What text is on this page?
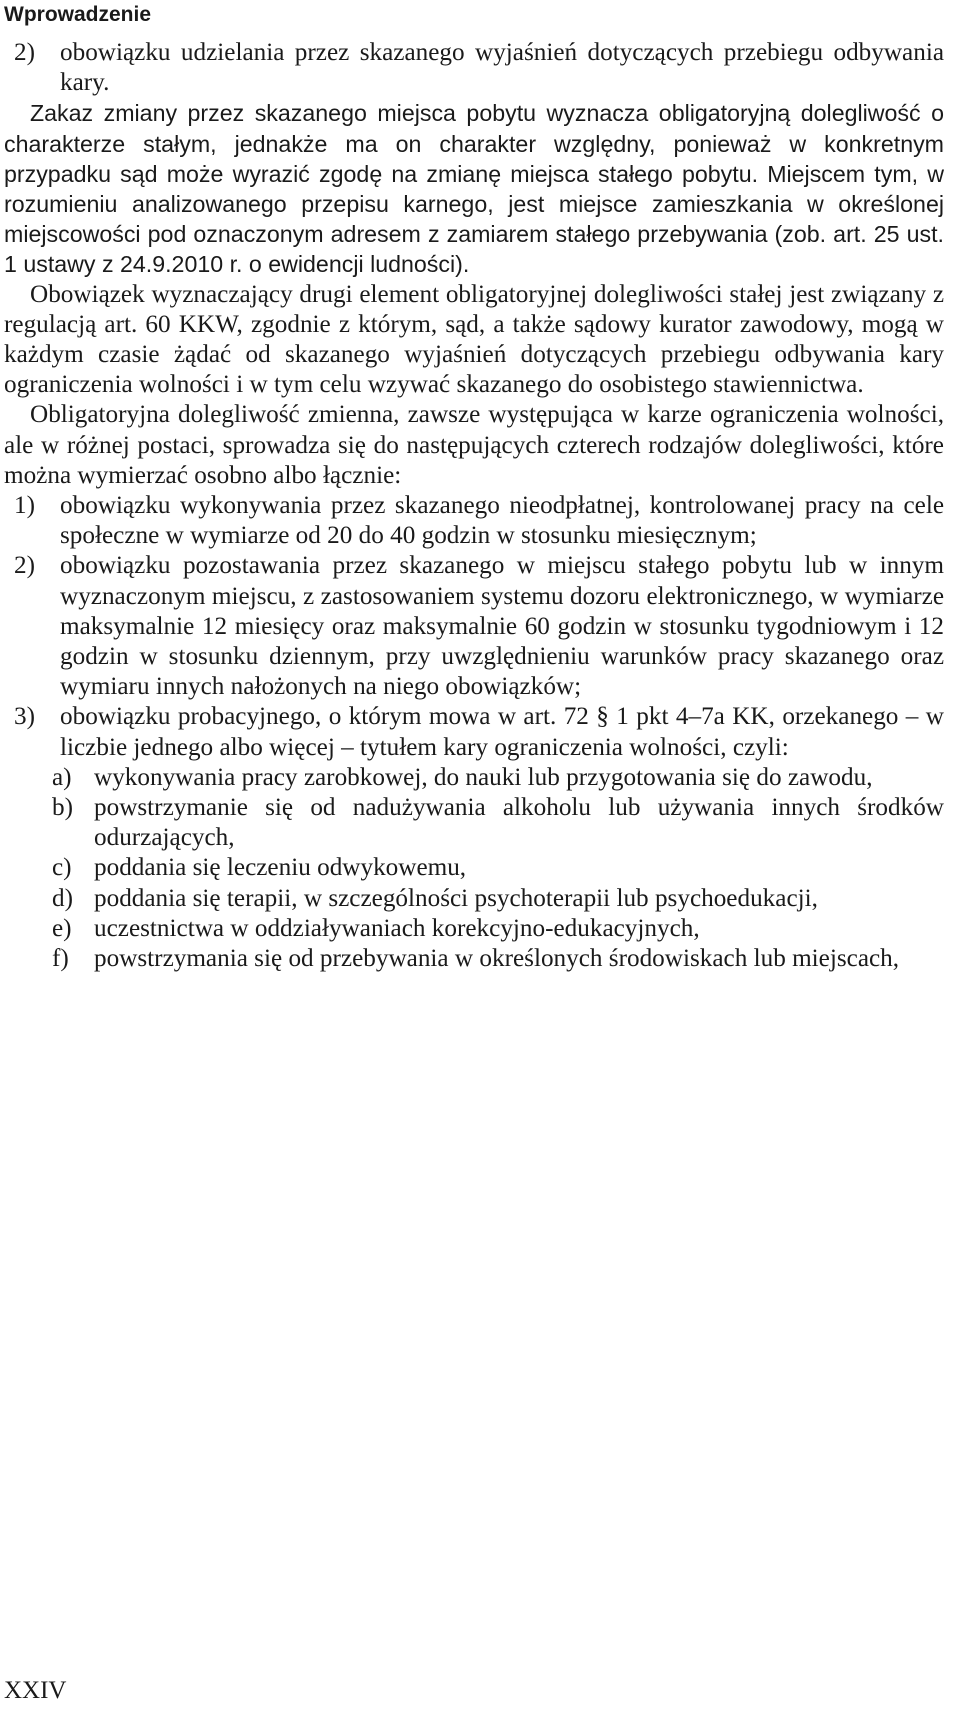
Wprowadzenie
2) obowiązku udzielania przez skazanego wyjaśnień dotyczących przebiegu odbywania kary.

Zakaz zmiany przez skazanego miejsca pobytu wyznacza obligatoryjną dolegliwość o charakterze stałym, jednakże ma on charakter względny, ponieważ w konkretnym przypadku sąd może wyrazić zgodę na zmianę miejsca stałego pobytu. Miejscem tym, w rozumieniu analizowanego przepisu karnego, jest miejsce zamieszkania w określonej miejscowości pod oznaczonym adresem z zamiarem stałego przebywania (zob. art. 25 ust. 1 ustawy z 24.9.2010 r. o ewidencji ludności).

Obowiązek wyznaczający drugi element obligatoryjnej dolegliwości stałej jest związany z regulacją art. 60 KKW, zgodnie z którym, sąd, a także sądowy kurator zawodowy, mogą w każdym czasie żądać od skazanego wyjaśnień dotyczących przebiegu odbywania kary ograniczenia wolności i w tym celu wzywać skazanego do osobistego stawiennictwa.

Obligatoryjna dolegliwość zmienna, zawsze występująca w karze ograniczenia wolności, ale w różnej postaci, sprowadza się do następujących czterech rodzajów dolegliwości, które można wymierzać osobno albo łącznie:

1) obowiązku wykonywania przez skazanego nieodpłatnej, kontrolowanej pracy na cele społeczne w wymiarze od 20 do 40 godzin w stosunku miesięcznym;
2) obowiązku pozostawania przez skazanego w miejscu stałego pobytu lub w innym wyznaczonym miejscu, z zastosowaniem systemu dozoru elektronicznego, w wymiarze maksymalnie 12 miesięcy oraz maksymalnie 60 godzin w stosunku tygodniowym i 12 godzin w stosunku dziennym, przy uwzględnieniu warunków pracy skazanego oraz wymiaru innych nałożonych na niego obowiązków;
3) obowiązku probacyjnego, o którym mowa w art. 72 § 1 pkt 4–7a KK, orzekanego – w liczbie jednego albo więcej – tytułem kary ograniczenia wolności, czyli:
a) wykonywania pracy zarobkowej, do nauki lub przygotowania się do zawodu,
b) powstrzymanie się od nadużywania alkoholu lub używania innych środków odurzających,
c) poddania się leczeniu odwykowemu,
d) poddania się terapii, w szczególności psychoterapii lub psychoedukacji,
e) uczestnictwa w oddziaływaniach korekcyjno-edukacyjnych,
f) powstrzymania się od przebywania w określonych środowiskach lub miejscach,

XXIV
